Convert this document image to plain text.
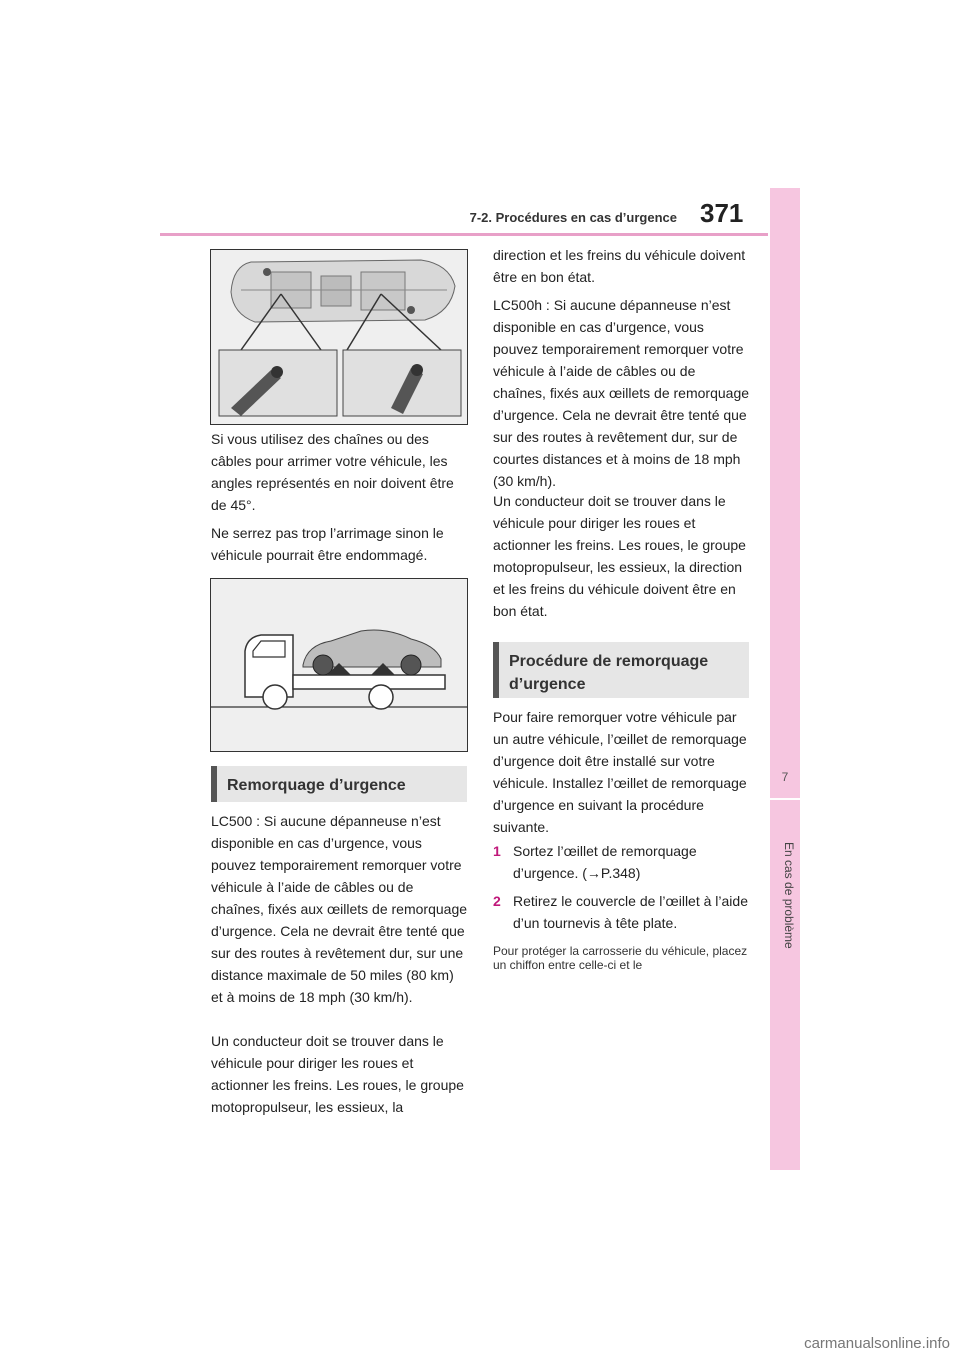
7-2. Procédures en cas d’urgence 371
7
En cas de problème
Si vous utilisez des chaînes ou des câbles pour arrimer votre véhicule, les angles représentés en noir doivent être de 45°.
Ne serrez pas trop l’arrimage sinon le véhicule pourrait être endommagé.
Remorquage d’urgence
LC500 : Si aucune dépanneuse n’est disponible en cas d’urgence, vous pouvez temporairement remorquer votre véhicule à l’aide de câbles ou de chaînes, fixés aux œillets de remorquage d’urgence. Cela ne devrait être tenté que sur des routes à revêtement dur, sur une distance maximale de 50 miles (80 km) et à moins de 18 mph (30 km/h).
Un conducteur doit se trouver dans le véhicule pour diriger les roues et actionner les freins. Les roues, le groupe motopropulseur, les essieux, la
direction et les freins du véhicule doivent être en bon état.
LC500h : Si aucune dépanneuse n’est disponible en cas d’urgence, vous pouvez temporairement remorquer votre véhicule à l’aide de câbles ou de chaînes, fixés aux œillets de remorquage d’urgence. Cela ne devrait être tenté que sur des routes à revêtement dur, sur de courtes distances et à moins de 18 mph (30 km/h).
Un conducteur doit se trouver dans le véhicule pour diriger les roues et actionner les freins. Les roues, le groupe motopropulseur, les essieux, la direction et les freins du véhicule doivent être en bon état.
Procédure de remorquage d’urgence
Pour faire remorquer votre véhicule par un autre véhicule, l’œillet de remorquage d’urgence doit être installé sur votre véhicule. Installez l’œillet de remorquage d’urgence en suivant la procédure suivante.
1 Sortez l’œillet de remorquage d’urgence. (→P.348)
2 Retirez le couvercle de l’œillet à l’aide d’un tournevis à tête plate.
Pour protéger la carrosserie du véhicule, placez un chiffon entre celle-ci et le
carmanualsonline.info
